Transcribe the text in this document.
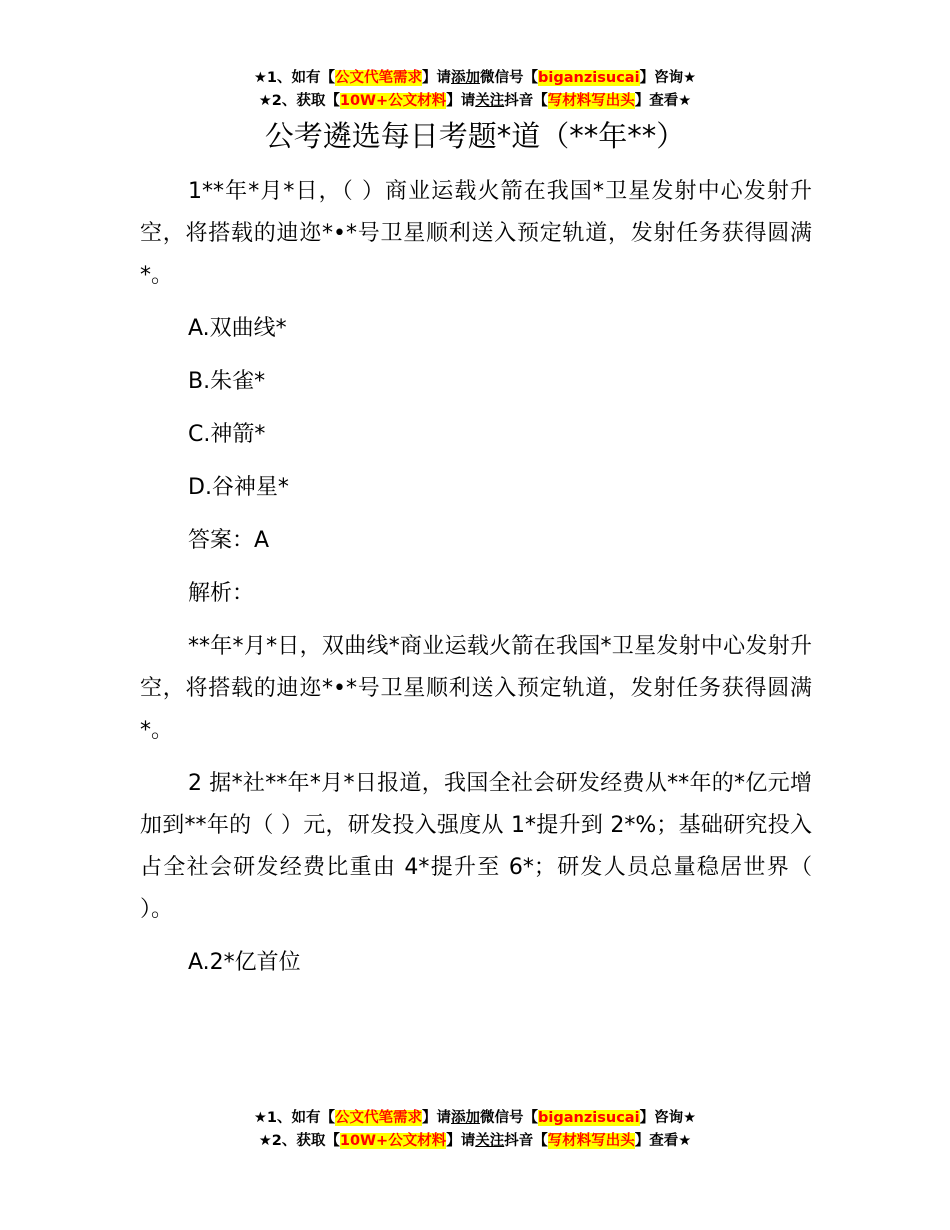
★1、如有【公文代笔需求】请添加微信号【biganzisucai】咨询★
★2、获取【10W+公文材料】请关注抖音【写材料写出头】查看★
公考遴选每日考题*道（**年**）

1**年*月*日，（ ）商业运载火箭在我国*卫星发射中心发射升空，将搭载的迪迩*•*号卫星顺利送入预定轨道，发射任务获得圆满*。

A.双曲线*

B.朱雀*

C.神箭*

D.谷神星*

答案：A

解析：

**年*月*日，双曲线*商业运载火箭在我国*卫星发射中心发射升空，将搭载的迪迩*•*号卫星顺利送入预定轨道，发射任务获得圆满*。

2 据*社**年*月*日报道，我国全社会研发经费从**年的*亿元增加到**年的（ ）元，研发投入强度从 1*提升到 2*%；基础研究投入占全社会研发经费比重由 4*提升至 6*；研发人员总量稳居世界（ ）。

A.2*亿首位

★1、如有【公文代笔需求】请添加微信号【biganzisucai】咨询★
★2、获取【10W+公文材料】请关注抖音【写材料写出头】查看★
